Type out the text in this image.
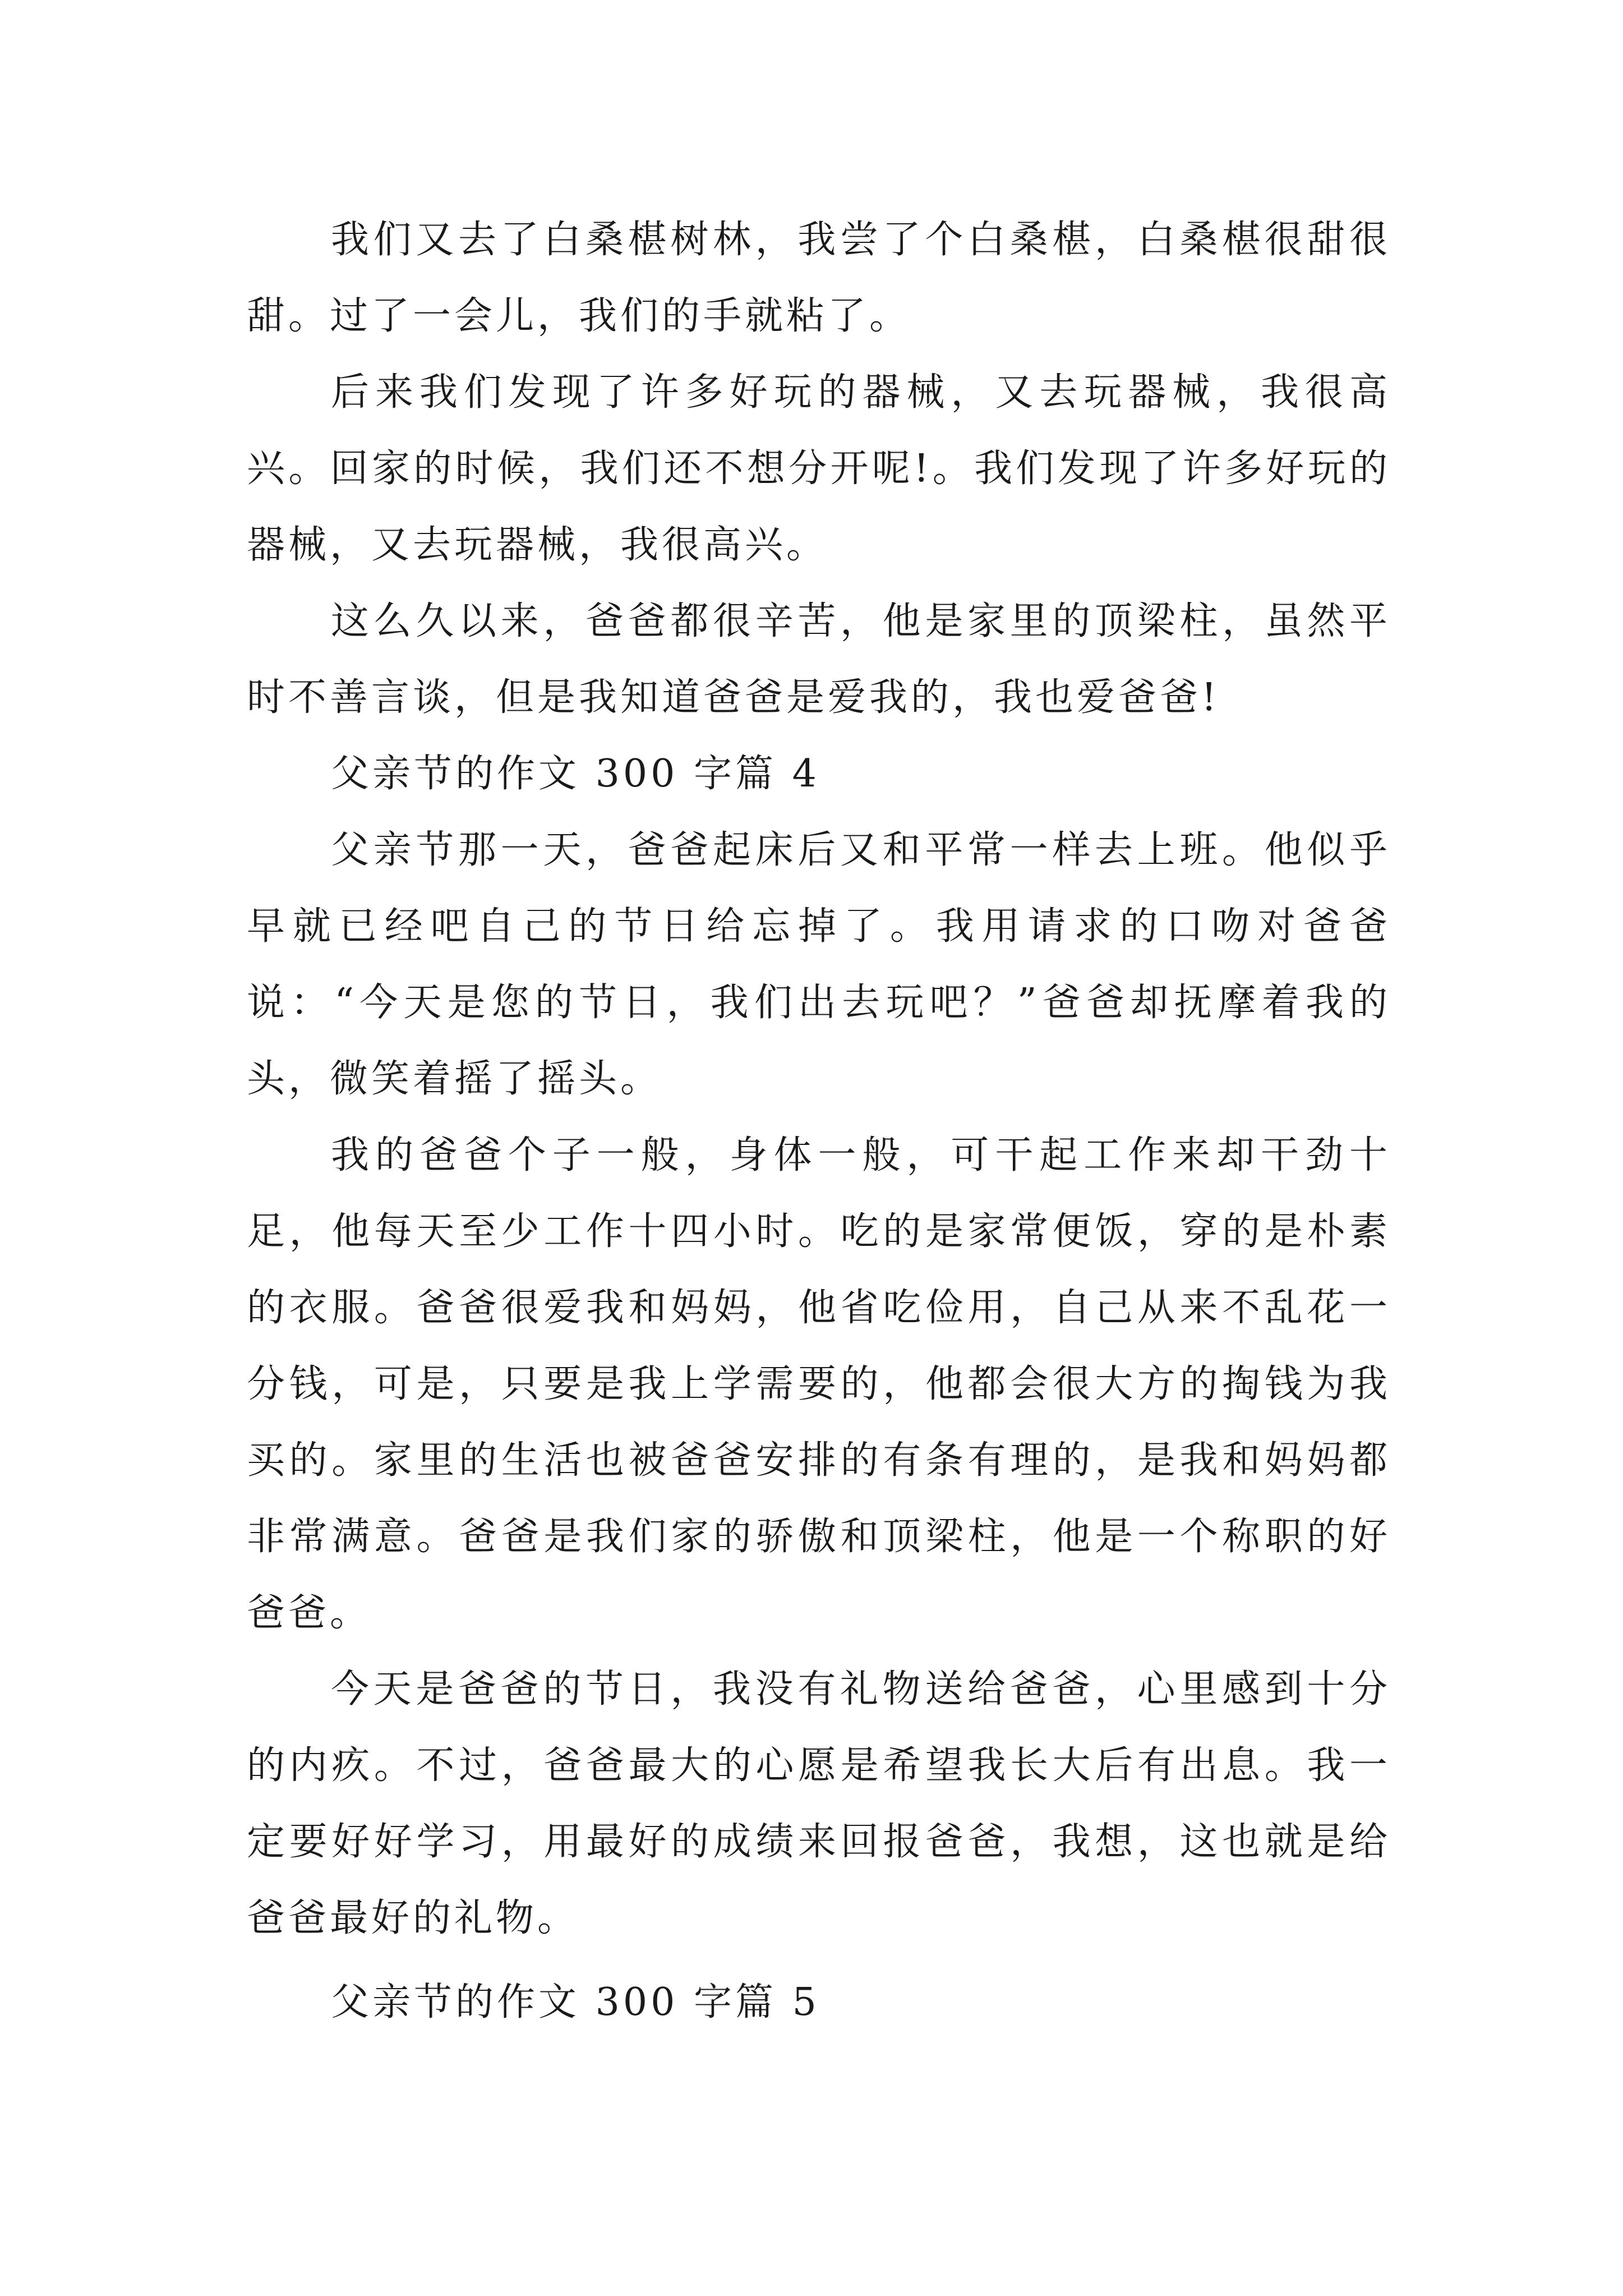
我们又去了白桑椹树林，我尝了个白桑椹，白桑椹很甜很甜。过了一会儿，我们的手就粘了。

后来我们发现了许多好玩的器械，又去玩器械，我很高兴。回家的时候，我们还不想分开呢!。我们发现了许多好玩的器械，又去玩器械，我很高兴。

这么久以来，爸爸都很辛苦，他是家里的顶梁柱，虽然平时不善言谈，但是我知道爸爸是爱我的，我也爱爸爸!

父亲节的作文 300 字篇 4

父亲节那一天，爸爸起床后又和平常一样去上班。他似乎早就已经吧自己的节日给忘掉了。我用请求的口吻对爸爸说：“今天是您的节日，我们出去玩吧？”爸爸却抚摩着我的头，微笑着摇了摇头。

我的爸爸个子一般，身体一般，可干起工作来却干劲十足，他每天至少工作十四小时。吃的是家常便饭，穿的是朴素的衣服。爸爸很爱我和妈妈，他省吃俭用，自己从来不乱花一分钱，可是，只要是我上学需要的，他都会很大方的掏钱为我买的。家里的生活也被爸爸安排的有条有理的，是我和妈妈都非常满意。爸爸是我们家的骄傲和顶梁柱，他是一个称职的好爸爸。

今天是爸爸的节日，我没有礼物送给爸爸，心里感到十分的内疚。不过，爸爸最大的心愿是希望我长大后有出息。我一定要好好学习，用最好的成绩来回报爸爸，我想，这也就是给爸爸最好的礼物。

父亲节的作文 300 字篇 5
